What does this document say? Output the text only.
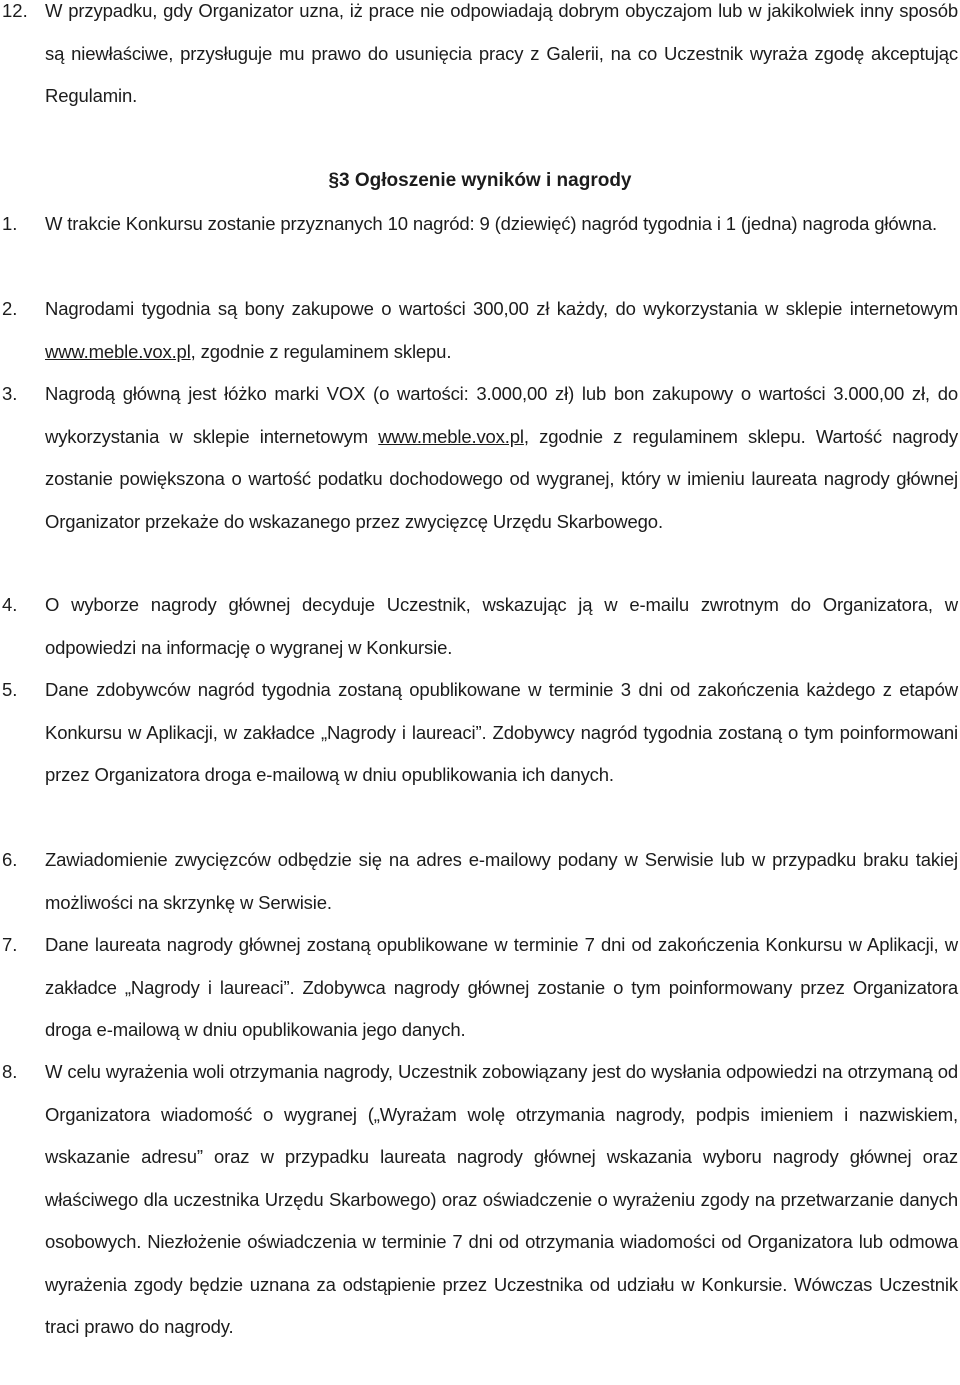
12. W przypadku, gdy Organizator uzna, iż prace nie odpowiadają dobrym obyczajom lub w jakikolwiek inny sposób są niewłaściwe, przysługuje mu prawo do usunięcia pracy z Galerii, na co Uczestnik wyraża zgodę akceptując Regulamin.
§3 Ogłoszenie wyników i nagrody
1. W trakcie Konkursu zostanie przyznanych 10 nagród: 9 (dziewięć) nagród tygodnia i 1 (jedna) nagroda główna.
2. Nagrodami tygodnia są bony zakupowe o wartości 300,00 zł każdy, do wykorzystania w sklepie internetowym www.meble.vox.pl, zgodnie z regulaminem sklepu.
3. Nagrodą główną jest łóżko marki VOX (o wartości: 3.000,00 zł) lub bon zakupowy o wartości 3.000,00 zł, do wykorzystania w sklepie internetowym www.meble.vox.pl, zgodnie z regulaminem sklepu. Wartość nagrody zostanie powiększona o wartość podatku dochodowego od wygranej, który w imieniu laureata nagrody głównej Organizator przekaże do wskazanego przez zwycięzcę Urzędu Skarbowego.
4. O wyborze nagrody głównej decyduje Uczestnik, wskazując ją w e-mailu zwrotnym do Organizatora, w odpowiedzi na informację o wygranej w Konkursie.
5. Dane zdobywców nagród tygodnia zostaną opublikowane w terminie 3 dni od zakończenia każdego z etapów Konkursu w Aplikacji, w zakładce „Nagrody i laureaci”. Zdobywcy nagród tygodnia zostaną o tym poinformowani przez Organizatora droga e-mailową w dniu opublikowania ich danych.
6. Zawiadomienie zwycięzców odbędzie się na adres e-mailowy podany w Serwisie lub w przypadku braku takiej możliwości na skrzynkę w Serwisie.
7. Dane laureata nagrody głównej zostaną opublikowane w terminie 7 dni od zakończenia Konkursu w Aplikacji, w zakładce „Nagrody i laureaci”. Zdobywca nagrody głównej zostanie o tym poinformowany przez Organizatora droga e-mailową w dniu opublikowania jego danych.
8. W celu wyrażenia woli otrzymania nagrody, Uczestnik zobowiązany jest do wysłania odpowiedzi na otrzymaną od Organizatora wiadomość o wygranej („Wyrażam wolę otrzymania nagrody, podpis imieniem i nazwiskiem, wskazanie adresu” oraz w przypadku laureata nagrody głównej wskazania wyboru nagrody głównej oraz właściwego dla uczestnika Urzędu Skarbowego) oraz oświadczenie o wyrażeniu zgody na przetwarzanie danych osobowych. Niezłożenie oświadczenia w terminie 7 dni od otrzymania wiadomości od Organizatora lub odmowa wyrażenia zgody będzie uznana za odstąpienie przez Uczestnika od udziału w Konkursie. Wówczas Uczestnik traci prawo do nagrody.
